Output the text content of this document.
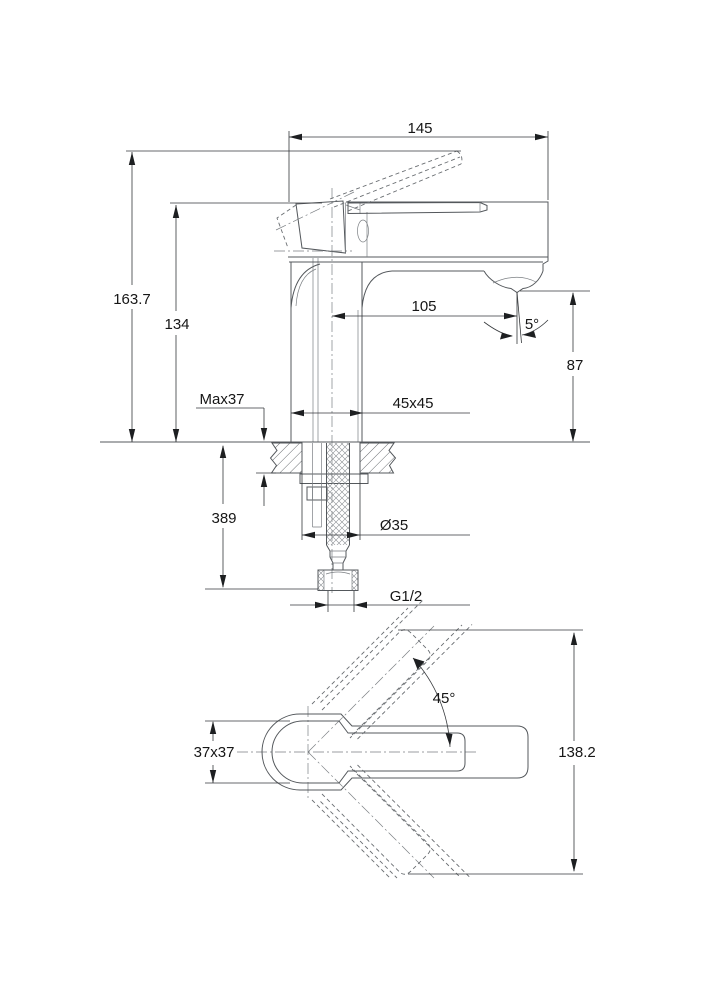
145
163.7
134
105
5°
87
Max37	45x45
389	Ø35
G1/2
45°
37x37	138.2
